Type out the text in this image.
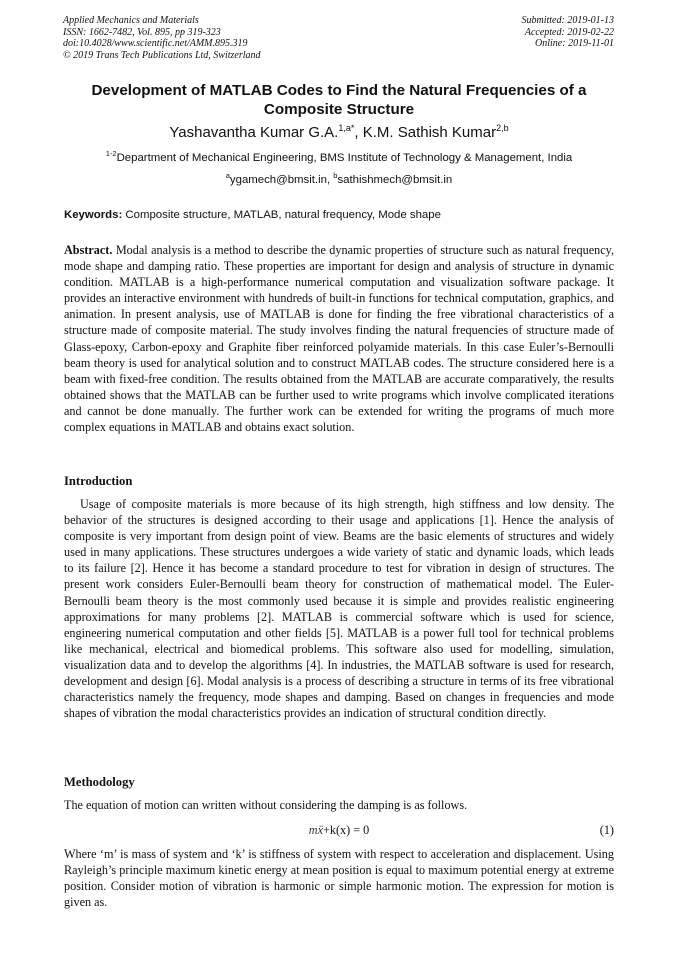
Applied Mechanics and Materials
ISSN: 1662-7482, Vol. 895, pp 319-323
doi:10.4028/www.scientific.net/AMM.895.319
© 2019 Trans Tech Publications Ltd, Switzerland
Submitted: 2019-01-13
Accepted: 2019-02-22
Online: 2019-11-01
Development of MATLAB Codes to Find the Natural Frequencies of a Composite Structure
Yashavantha Kumar G.A.$^{1,a*}$, K.M. Sathish Kumar$^{2,b}$
$^{1-2}$Department of Mechanical Engineering, BMS Institute of Technology & Management, India
$^a$ygamech@bmsit.in, $^b$sathishmech@bmsit.in
Keywords: Composite structure, MATLAB, natural frequency, Mode shape
Abstract. Modal analysis is a method to describe the dynamic properties of structure such as natural frequency, mode shape and damping ratio. These properties are important for design and analysis of structure in dynamic condition. MATLAB is a high-performance numerical computation and visualization software package. It provides an interactive environment with hundreds of built-in functions for technical computation, graphics, and animation. In present analysis, use of MATLAB is done for finding the free vibrational characteristics of a structure made of composite material. The study involves finding the natural frequencies of structure made of Glass-epoxy, Carbon-epoxy and Graphite fiber reinforced polyamide materials. In this case Euler’s-Bernoulli beam theory is used for analytical solution and to construct MATLAB codes. The structure considered here is a beam with fixed-free condition. The results obtained from the MATLAB are accurate comparatively, the results obtained shows that the MATLAB can be further used to write programs which involve complicated iterations and cannot be done manually. The further work can be extended for writing the programs of much more complex equations in MATLAB and obtains exact solution.
Introduction
Usage of composite materials is more because of its high strength, high stiffness and low density. The behavior of the structures is designed according to their usage and applications [1]. Hence the analysis of composite is very important from design point of view. Beams are the basic elements of structures and widely used in many applications. These structures undergoes a wide variety of static and dynamic loads, which leads to its failure [2]. Hence it has become a standard procedure to test for vibration in design of structures. The present work considers Euler-Bernoulli beam theory for construction of mathematical model. The Euler-Bernoulli beam theory is the most commonly used because it is simple and provides realistic engineering approximations for many problems [2]. MATLAB is commercial software which is used for science, engineering numerical computation and other fields [5]. MATLAB is a power full tool for technical problems like mechanical, electrical and biomedical problems. This software also used for modelling, simulation, visualization data and to develop the algorithms [4]. In industries, the MATLAB software is used for research, development and design [6]. Modal analysis is a process of describing a structure in terms of its free vibrational characteristics namely the frequency, mode shapes and damping. Based on changes in frequencies and mode shapes of vibration the modal characteristics provides an indication of structural condition directly.
Methodology
The equation of motion can written without considering the damping is as follows.
mẍ+k(x) = 0	(1)
Where ‘m’ is mass of system and ‘k’ is stiffness of system with respect to acceleration and displacement. Using Rayleigh’s principle maximum kinetic energy at mean position is equal to maximum potential energy at extreme position. Consider motion of vibration is harmonic or simple harmonic motion. The expression for motion is given as.
